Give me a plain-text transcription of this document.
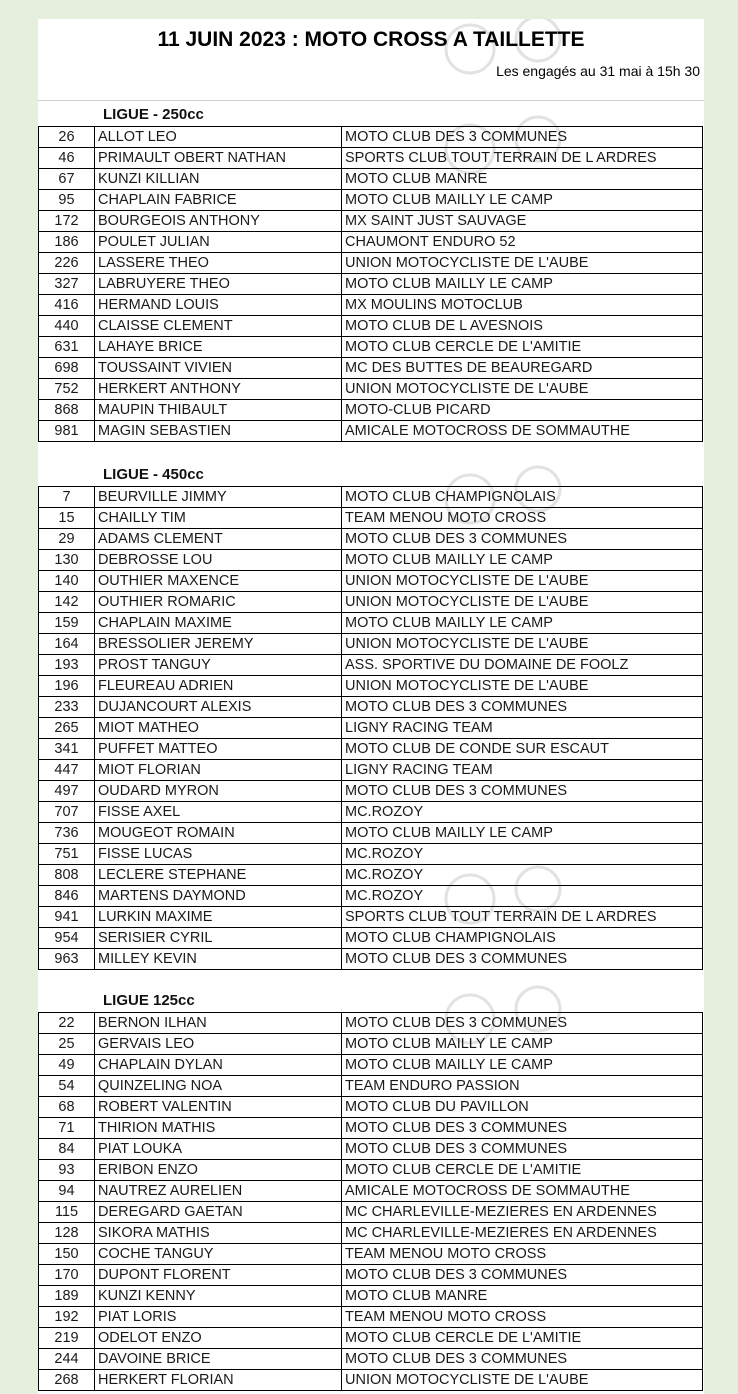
11 JUIN 2023 : MOTO CROSS A TAILLETTE
Les engagés au 31 mai à 15h 30
LIGUE - 250cc
26	ALLOT LEO	MOTO CLUB DES 3 COMMUNES
46	PRIMAULT OBERT NATHAN	SPORTS CLUB TOUT TERRAIN DE L ARDRES
67	KUNZI KILLIAN	MOTO CLUB MANRE
95	CHAPLAIN FABRICE	MOTO CLUB MAILLY LE CAMP
172	BOURGEOIS ANTHONY	MX SAINT JUST SAUVAGE
186	POULET JULIAN	CHAUMONT ENDURO 52
226	LASSERE THEO	UNION MOTOCYCLISTE DE L'AUBE
327	LABRUYERE THEO	MOTO CLUB MAILLY LE CAMP
416	HERMAND LOUIS	MX MOULINS MOTOCLUB
440	CLAISSE CLEMENT	MOTO CLUB DE L AVESNOIS
631	LAHAYE BRICE	MOTO CLUB CERCLE DE L'AMITIE
698	TOUSSAINT VIVIEN	MC DES BUTTES DE BEAUREGARD
752	HERKERT ANTHONY	UNION MOTOCYCLISTE DE L'AUBE
868	MAUPIN THIBAULT	MOTO-CLUB PICARD
981	MAGIN SEBASTIEN	AMICALE MOTOCROSS DE SOMMAUTHE
LIGUE - 450cc
7	BEURVILLE JIMMY	MOTO CLUB CHAMPIGNOLAIS
15	CHAILLY TIM	TEAM MENOU MOTO CROSS
29	ADAMS CLEMENT	MOTO CLUB DES 3 COMMUNES
130	DEBROSSE LOU	MOTO CLUB MAILLY LE CAMP
140	OUTHIER MAXENCE	UNION MOTOCYCLISTE DE L'AUBE
142	OUTHIER ROMARIC	UNION MOTOCYCLISTE DE L'AUBE
159	CHAPLAIN MAXIME	MOTO CLUB MAILLY LE CAMP
164	BRESSOLIER JEREMY	UNION MOTOCYCLISTE DE L'AUBE
193	PROST TANGUY	ASS. SPORTIVE DU DOMAINE DE FOOLZ
196	FLEUREAU ADRIEN	UNION MOTOCYCLISTE DE L'AUBE
233	DUJANCOURT ALEXIS	MOTO CLUB DES 3 COMMUNES
265	MIOT MATHEO	LIGNY RACING TEAM
341	PUFFET MATTEO	MOTO CLUB DE CONDE SUR ESCAUT
447	MIOT FLORIAN	LIGNY RACING TEAM
497	OUDARD MYRON	MOTO CLUB DES 3 COMMUNES
707	FISSE AXEL	MC.ROZOY
736	MOUGEOT ROMAIN	MOTO CLUB MAILLY LE CAMP
751	FISSE LUCAS	MC.ROZOY
808	LECLERE STEPHANE	MC.ROZOY
846	MARTENS DAYMOND	MC.ROZOY
941	LURKIN MAXIME	SPORTS CLUB TOUT TERRAIN DE L ARDRES
954	SERISIER CYRIL	MOTO CLUB CHAMPIGNOLAIS
963	MILLEY KEVIN	MOTO CLUB DES 3 COMMUNES
LIGUE 125cc
22	BERNON ILHAN	MOTO CLUB DES 3 COMMUNES
25	GERVAIS LEO	MOTO CLUB MAILLY LE CAMP
49	CHAPLAIN DYLAN	MOTO CLUB MAILLY LE CAMP
54	QUINZELING NOA	TEAM ENDURO PASSION
68	ROBERT VALENTIN	MOTO CLUB DU PAVILLON
71	THIRION MATHIS	MOTO CLUB DES 3 COMMUNES
84	PIAT LOUKA	MOTO CLUB DES 3 COMMUNES
93	ERIBON ENZO	MOTO CLUB CERCLE DE L'AMITIE
94	NAUTREZ AURELIEN	AMICALE MOTOCROSS DE SOMMAUTHE
115	DEREGARD GAETAN	MC CHARLEVILLE-MEZIERES EN ARDENNES
128	SIKORA MATHIS	MC CHARLEVILLE-MEZIERES EN ARDENNES
150	COCHE TANGUY	TEAM MENOU MOTO CROSS
170	DUPONT FLORENT	MOTO CLUB DES 3 COMMUNES
189	KUNZI KENNY	MOTO CLUB MANRE
192	PIAT LORIS	TEAM MENOU MOTO CROSS
219	ODELOT ENZO	MOTO CLUB CERCLE DE L'AMITIE
244	DAVOINE BRICE	MOTO CLUB DES 3 COMMUNES
268	HERKERT FLORIAN	UNION MOTOCYCLISTE DE L'AUBE
